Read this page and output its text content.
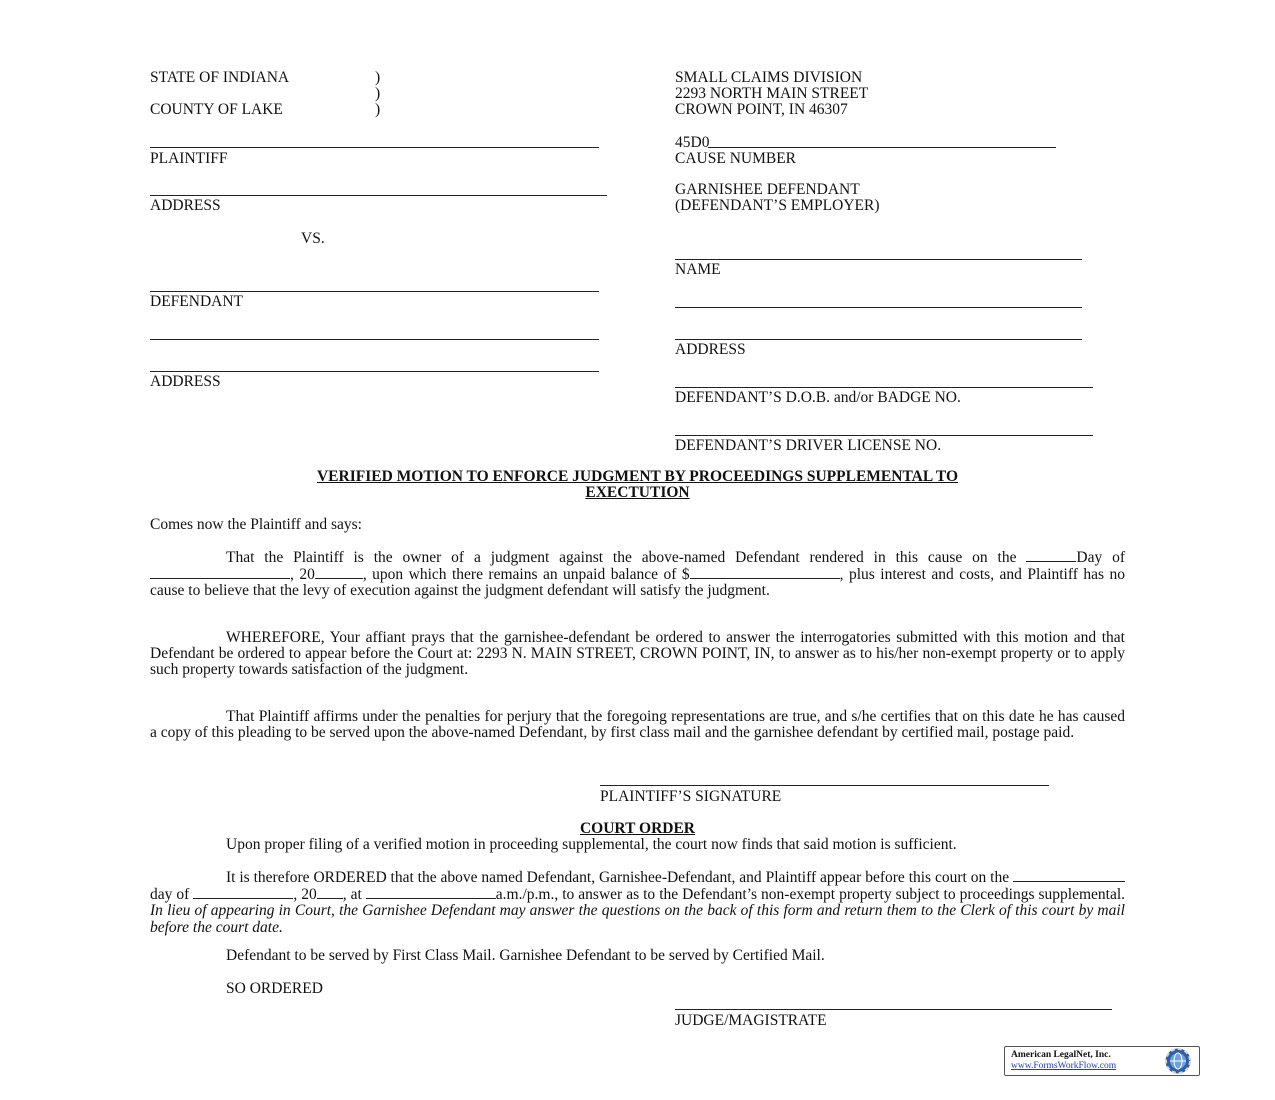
STATE OF INDIANA	)
)
COUNTY OF LAKE	)
PLAINTIFF
ADDRESS
VS.
DEFENDANT
ADDRESS
SMALL CLAIMS DIVISION
2293 NORTH MAIN STREET
CROWN POINT, IN 46307
45D0
CAUSE NUMBER
GARNISHEE DEFENDANT
(DEFENDANT’S EMPLOYER)
NAME
ADDRESS
DEFENDANT’S D.O.B. and/or BADGE NO.
DEFENDANT’S DRIVER LICENSE NO.
VERIFIED MOTION TO ENFORCE JUDGMENT BY PROCEEDINGS SUPPLEMENTAL TO
EXECTUTION
Comes now the Plaintiff and says:
That the Plaintiff is the owner of a judgment against the above-named Defendant rendered in this cause on the	Day of , 20	, upon which there remains an unpaid balance of $	, plus interest and costs, and Plaintiff has no cause to believe that the levy of execution against the judgment defendant will satisfy the judgment.
WHEREFORE, Your affiant prays that the garnishee-defendant be ordered to answer the interrogatories submitted with this motion and that Defendant be ordered to appear before the Court at: 2293 N. MAIN STREET, CROWN POINT, IN, to answer as to his/her non-exempt property or to apply such property towards satisfaction of the judgment.
That Plaintiff affirms under the penalties for perjury that the foregoing representations are true, and s/he certifies that on this date he has caused a copy of this pleading to be served upon the above-named Defendant, by first class mail and the garnishee defendant by certified mail, postage paid.
PLAINTIFF’S SIGNATURE
COURT ORDER
Upon proper filing of a verified motion in proceeding supplemental, the court now finds that said motion is sufficient.
It is therefore ORDERED that the above named Defendant, Garnishee-Defendant, and Plaintiff appear before this court on the day of	, 20 , at	a.m./p.m., to answer as to the Defendant’s non-exempt property subject to proceedings supplemental. In lieu of appearing in Court, the Garnishee Defendant may answer the questions on the back of this form and return them to the Clerk of this court by mail before the court date.
Defendant to be served by First Class Mail. Garnishee Defendant to be served by Certified Mail.
SO ORDERED
JUDGE/MAGISTRATE
American LegalNet, Inc.
www.FormsWorkFlow.com
